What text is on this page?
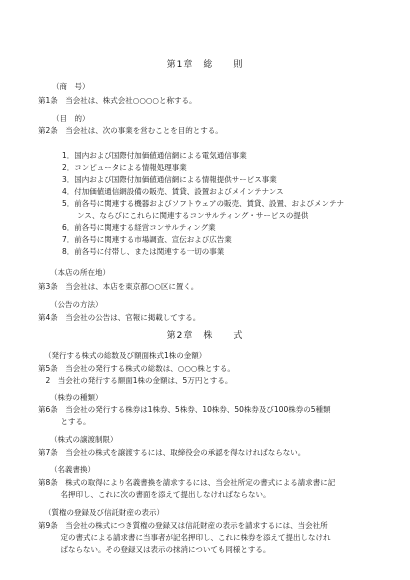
第1章　総　　則
（商　号）
第1条　当会社は、株式会社○○○○と称する。
（目　的）
第2条　当会社は、次の事業を営むことを目的とする。
1．国内および国際付加価値通信網による電気通信事業
2．コンピュータによる情報処理事業
3．国内および国際付加価値通信網による情報提供サービス事業
4．付加価値通信網設備の販売、賃貸、設置およびメインテナンス
5．前各号に関連する機器およびソフトウェアの販売、賃貸、設置、およびメンテナ
　　ンス、ならびにこれらに関連するコンサルティング・サービスの提供
6．前各号に関連する経営コンサルティング業
7．前各号に関連する市場調査、宣伝および広告業
8．前各号に付帯し、または関連する一切の事業
（本店の所在地）
第3条　当会社は、本店を東京都○○区に置く。
（公告の方法）
第4条　当会社の公告は、官報に掲載してする。
第2章　株　　式
（発行する株式の総数及び額面株式1株の金額）
第5条　当会社の発行する株式の総数は、○○○株とする。
　2　当会社の発行する額面1株の金額は、5万円とする。
（株券の種類）
第6条　当会社の発行する株券は1株券、5株券、10株券、50株券及び100株券の5種類
　　　とする。
（株式の譲渡制限）
第7条　当会社の株式を譲渡するには、取締役会の承認を得なければならない。
（名義書換）
第8条　株式の取得により名義書換を請求するには、当会社所定の書式による請求書に記
　　　名押印し、これに次の書面を添えて提出しなければならない。
（質権の登録及び信託財産の表示）
第9条　当会社の株式につき質権の登録又は信託財産の表示を請求するには、当会社所
　　　定の書式による請求書に当事者が記名押印し、これに株券を添えて提出しなけれ
　　　ばならない。その登録又は表示の抹消についても同様とする。
